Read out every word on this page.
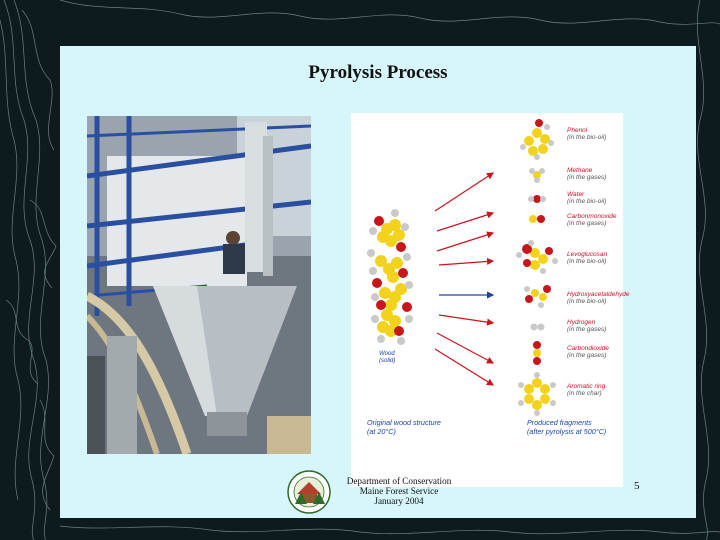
Pyrolysis Process
Phenol
(in the bio-oil)
Methane
(in the gases)
Water
(in the bio-oil)
Carbonmonoxide
(in the gases)
Levoglucosan
(in the bio-oil)
Hydroxyacetaldehyde
(in the bio-oil)
Hydrogen
(in the gases)
Carbondioxide
(in the gases)
Aromatic ring
(in the char)
Wood
(solid)
Original wood structure
(at 20°C)
Produced fragments
(after pyrolysis at 500°C)
Department of Conservation
Maine Forest Service
January 2004
5
